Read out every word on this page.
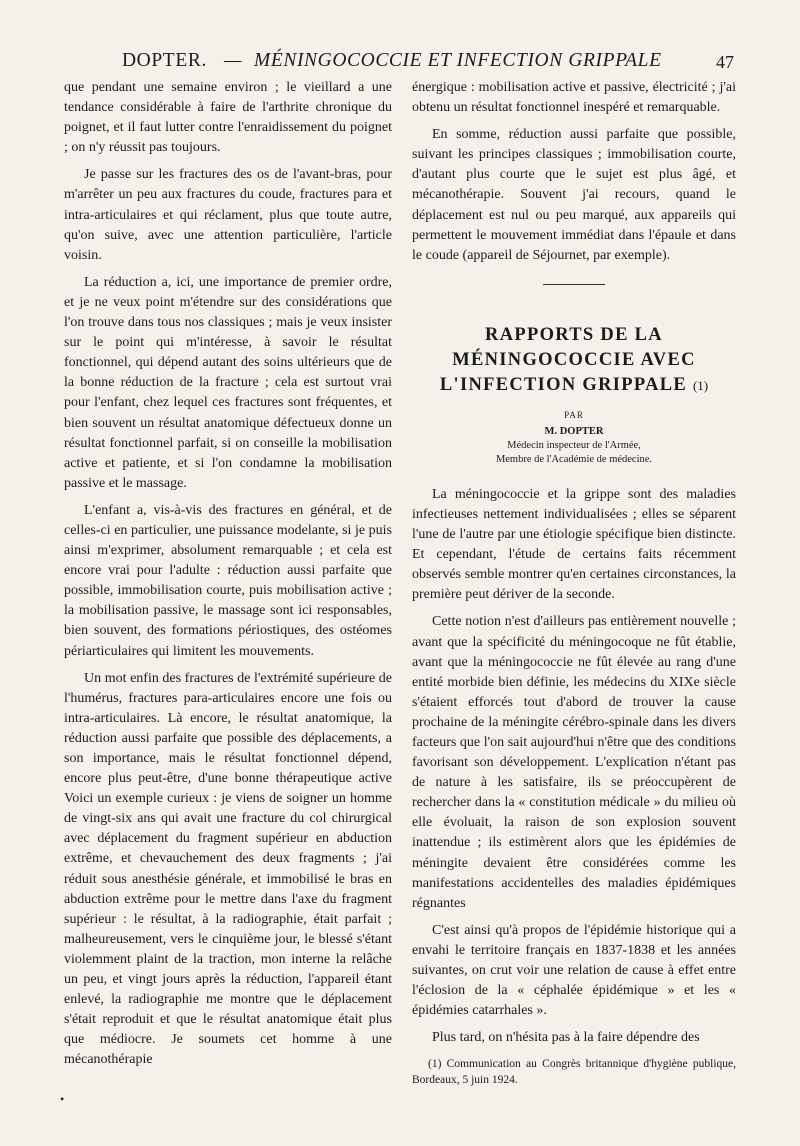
DOPTER. — MÉNINGOCOCCIE ET INFECTION GRIPPALE	47

que pendant une semaine environ ; le vieillard a une tendance considérable à faire de l'arthrite chronique du poignet, et il faut lutter contre l'enraidissement du poignet ; on n'y réussit pas toujours.

Je passe sur les fractures des os de l'avant-bras, pour m'arrêter un peu aux fractures du coude, fractures para et intra-articulaires et qui réclament, plus que toute autre, qu'on suive, avec une attention particulière, l'article voisin.

La réduction a, ici, une importance de premier ordre, et je ne veux point m'étendre sur des considérations que l'on trouve dans tous nos classiques ; mais je veux insister sur le point qui m'intéresse, à savoir le résultat fonctionnel, qui dépend autant des soins ultérieurs que de la bonne réduction de la fracture ; cela est surtout vrai pour l'enfant, chez lequel ces fractures sont fréquentes, et bien souvent un résultat anatomique défectueux donne un résultat fonctionnel parfait, si on conseille la mobilisation active et patiente, et si l'on condamne la mobilisation passive et le massage.

L'enfant a, vis-à-vis des fractures en général, et de celles-ci en particulier, une puissance modelante, si je puis ainsi m'exprimer, absolument remarquable ; et cela est encore vrai pour l'adulte : réduction aussi parfaite que possible, immobilisation courte, puis mobilisation active ; la mobilisation passive, le massage sont ici responsables, bien souvent, des formations périostiques, des ostéomes périarticulaires qui limitent les mouvements.

Un mot enfin des fractures de l'extrémité supérieure de l'humérus, fractures para-articulaires encore une fois ou intra-articulaires. Là encore, le résultat anatomique, la réduction aussi parfaite que possible des déplacements, a son importance, mais le résultat fonctionnel dépend, encore plus peut-être, d'une bonne thérapeutique active Voici un exemple curieux : je viens de soigner un homme de vingt-six ans qui avait une fracture du col chirurgical avec déplacement du fragment supérieur en abduction extrême, et chevauchement des deux fragments ; j'ai réduit sous anesthésie générale, et immobilisé le bras en abduction extrême pour le mettre dans l'axe du fragment supérieur : le résultat, à la radiographie, était parfait ; malheureusement, vers le cinquième jour, le blessé s'étant violemment plaint de la traction, mon interne la relâche un peu, et vingt jours après la réduction, l'appareil étant enlevé, la radiographie me montre que le déplacement s'était reproduit et que le résultat anatomique était plus que médiocre. Je soumets cet homme à une mécanothérapie

énergique : mobilisation active et passive, électricité ; j'ai obtenu un résultat fonctionnel inespéré et remarquable.

En somme, réduction aussi parfaite que possible, suivant les principes classiques ; immobilisation courte, d'autant plus courte que le sujet est plus âgé, et mécanothérapie. Souvent j'ai recours, quand le déplacement est nul ou peu marqué, aux appareils qui permettent le mouvement immédiat dans l'épaule et dans le coude (appareil de Séjournet, par exemple).

RAPPORTS DE LA
MÉNINGOCOCCIE AVEC
L'INFECTION GRIPPALE (1)
PAR
M. DOPTER
Médecin inspecteur de l'Armée,
Membre de l'Académie de médecine.

La méningococcie et la grippe sont des maladies infectieuses nettement individualisées ; elles se séparent l'une de l'autre par une étiologie spécifique bien distincte. Et cependant, l'étude de certains faits récemment observés semble montrer qu'en certaines circonstances, la première peut dériver de la seconde.

Cette notion n'est d'ailleurs pas entièrement nouvelle ; avant que la spécificité du méningocoque ne fût établie, avant que la méningococcie ne fût élevée au rang d'une entité morbide bien définie, les médecins du XIXe siècle s'étaient efforcés tout d'abord de trouver la cause prochaine de la méningite cérébro-spinale dans les divers facteurs que l'on sait aujourd'hui n'être que des conditions favorisant son développement. L'explication n'étant pas de nature à les satisfaire, ils se préoccupèrent de rechercher dans la « constitution médicale » du milieu où elle évoluait, la raison de son explosion souvent inattendue ; ils estimèrent alors que les épidémies de méningite devaient être considérées comme les manifestations accidentelles des maladies épidémiques régnantes

C'est ainsi qu'à propos de l'épidémie historique qui a envahi le territoire français en 1837-1838 et les années suivantes, on crut voir une relation de cause à effet entre l'éclosion de la « céphalée épidémique » et les « épidémies catarrhales ».

Plus tard, on n'hésita pas à la faire dépendre des

(1) Communication au Congrès britannique d'hygiène publique, Bordeaux, 5 juin 1924.

•
